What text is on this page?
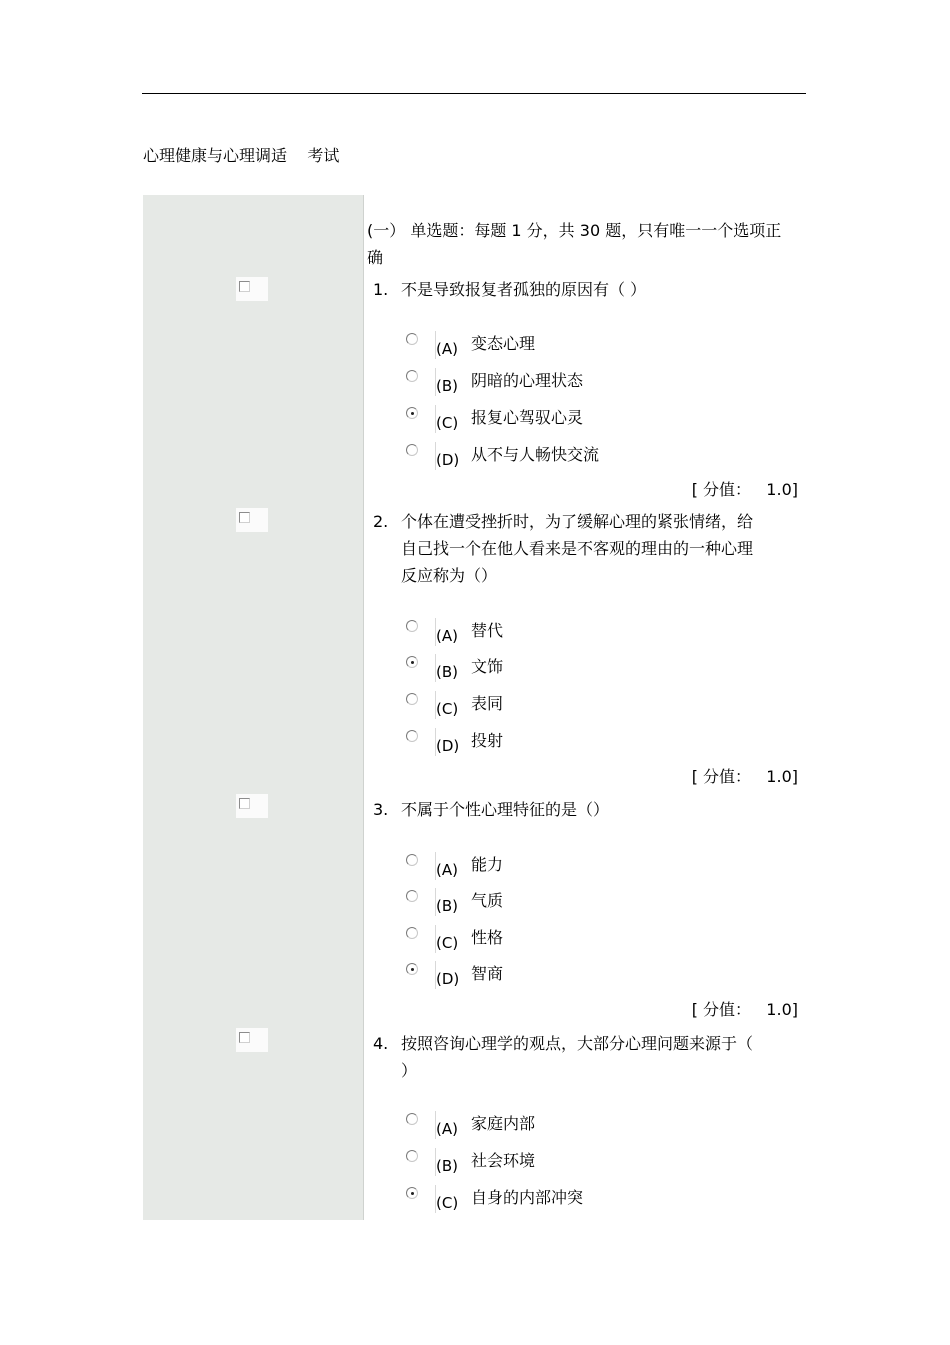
心理健康与心理调适    考试
(一） 单选题：每题 1 分，共 30 题，只有唯一一个选项正确
1. 不是导致报复者孤独的原因有（ ）
(A) 变态心理
(B) 阴暗的心理状态
(C) 报复心驾驭心灵
(D) 从不与人畅快交流
[ 分值：   1.0]
2. 个体在遭受挫折时，为了缓解心理的紧张情绪，给自己找一个在他人看来是不客观的理由的一种心理反应称为（）
(A) 替代
(B) 文饰
(C) 表同
(D) 投射
[ 分值：   1.0]
3. 不属于个性心理特征的是（）
(A) 能力
(B) 气质
(C) 性格
(D) 智商
[ 分值：   1.0]
4. 按照咨询心理学的观点，大部分心理问题来源于（ ）
(A) 家庭内部
(B) 社会环境
(C) 自身的内部冲突
